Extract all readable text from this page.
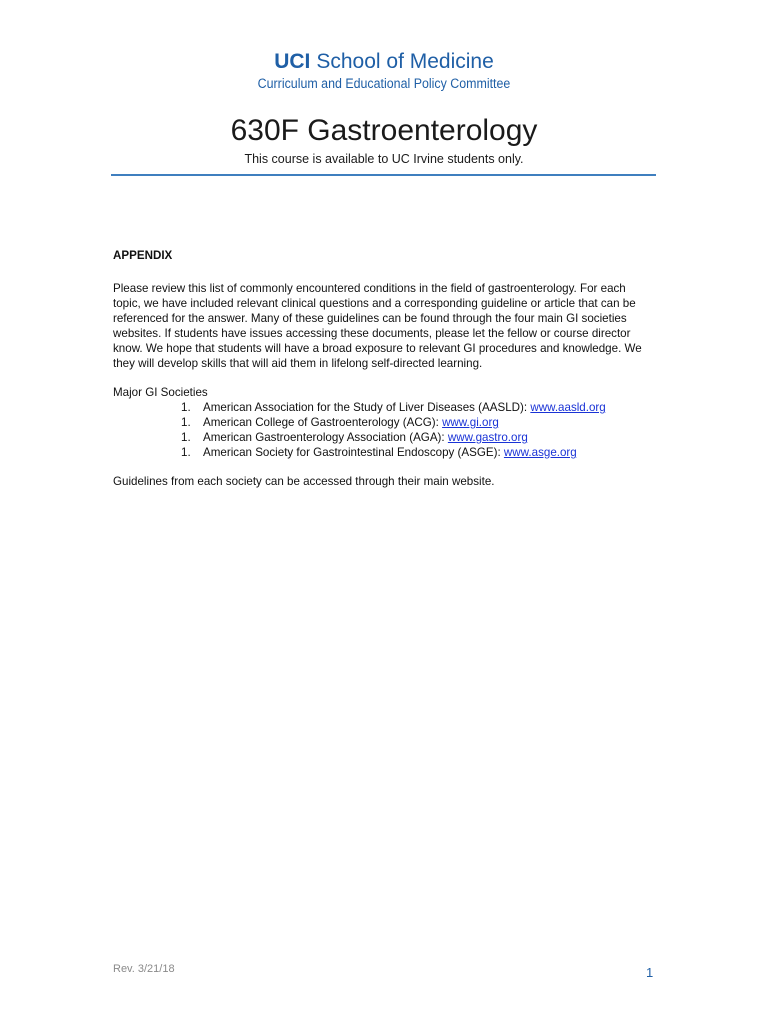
UCI School of Medicine
Curriculum and Educational Policy Committee
630F Gastroenterology
This course is available to UC Irvine students only.

APPENDIX

Please review this list of commonly encountered conditions in the field of gastroenterology. For each topic, we have included relevant clinical questions and a corresponding guideline or article that can be referenced for the answer. Many of these guidelines can be found through the four main GI societies websites. If students have issues accessing these documents, please let the fellow or course director know. We hope that students will have a broad exposure to relevant GI procedures and knowledge. We they will develop skills that will aid them in lifelong self-directed learning.

Major GI Societies

1. American Association for the Study of Liver Diseases (AASLD): www.aasld.org
1. American College of Gastroenterology (ACG): www.gi.org
1. American Gastroenterology Association (AGA): www.gastro.org
1. American Society for Gastrointestinal Endoscopy (ASGE): www.asge.org

Guidelines from each society can be accessed through their main website.

Rev. 3/21/18	1
